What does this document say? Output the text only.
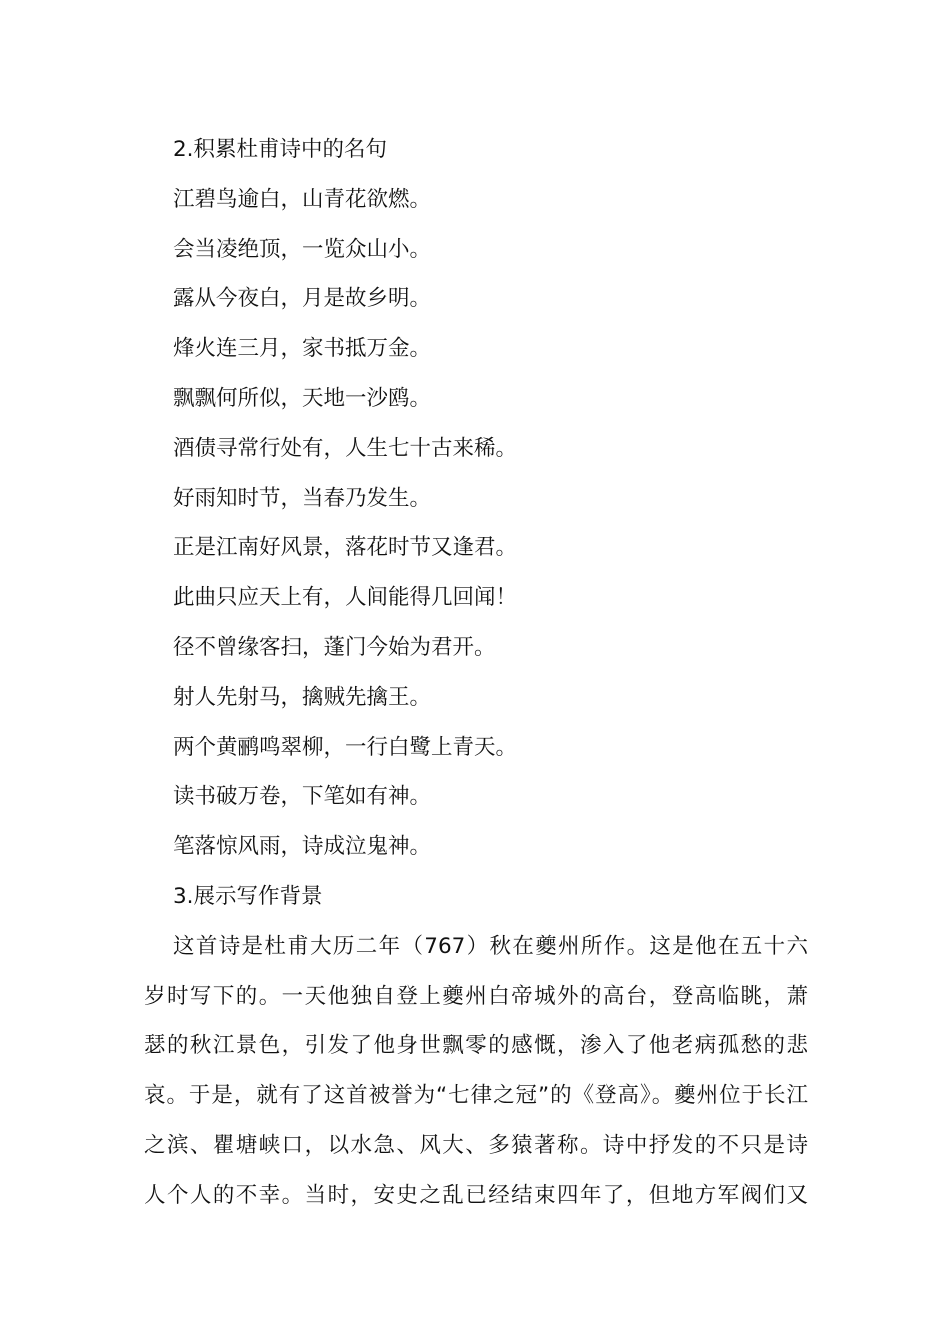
2.积累杜甫诗中的名句
江碧鸟逾白，山青花欲燃。
会当凌绝顶，一览众山小。
露从今夜白，月是故乡明。
烽火连三月，家书抵万金。
飘飘何所似，天地一沙鸥。
酒债寻常行处有，人生七十古来稀。
好雨知时节，当春乃发生。
正是江南好风景，落花时节又逢君。
此曲只应天上有，人间能得几回闻！
径不曾缘客扫，蓬门今始为君开。
射人先射马，擒贼先擒王。
两个黄鹂鸣翠柳，一行白鹭上青天。
读书破万卷，下笔如有神。
笔落惊风雨，诗成泣鬼神。
3.展示写作背景
这首诗是杜甫大历二年（767）秋在夔州所作。这是他在五十六
岁时写下的。一天他独自登上夔州白帝城外的高台，登高临眺，萧
瑟的秋江景色，引发了他身世飘零的感慨，渗入了他老病孤愁的悲
哀。于是，就有了这首被誉为“七律之冠”的《登高》。夔州位于长江
之滨、瞿塘峡口，以水急、风大、多猿著称。诗中抒发的不只是诗
人个人的不幸。当时，安史之乱已经结束四年了，但地方军阀们又
